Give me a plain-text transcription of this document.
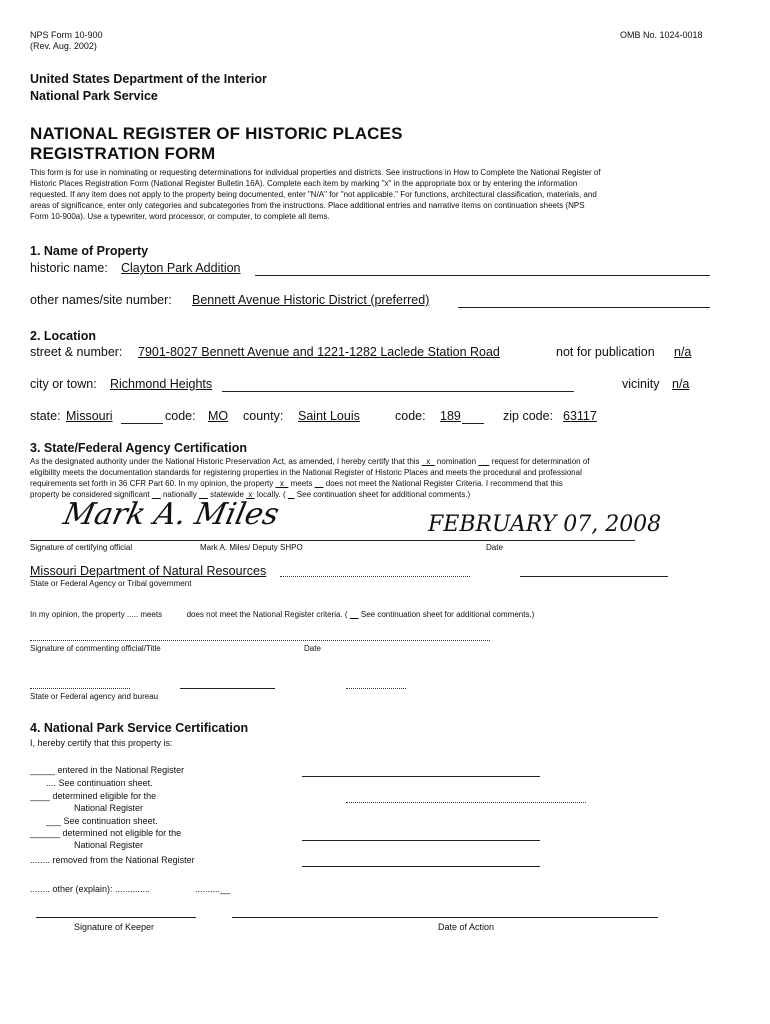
NPS Form 10-900
(Rev. Aug. 2002)
OMB No. 1024-0018
United States Department of the Interior
National Park Service
NATIONAL REGISTER OF HISTORIC PLACES
REGISTRATION FORM
This form is for use in nominating or requesting determinations for individual properties and districts. See instructions in How to Complete the National Register of
Historic Places Registration Form (National Register Bulletin 16A). Complete each item by marking "x" in the appropriate box or by entering the information
requested. If any item does not apply to the property being documented, enter "N/A" for "not applicable." For functions, architectural classification, materials, and
areas of significance, enter only categories and subcategories from the instructions. Place additional entries and narrative items on continuation sheets (NPS
Form 10-900a). Use a typewriter, word processor, or computer, to complete all items.
1. Name of Property
historic name: Clayton Park Addition
other names/site number: Bennett Avenue Historic District (preferred)
2. Location
street & number: 7901-8027 Bennett Avenue and 1221-1282 Laclede Station Road	not for publication n/a
city or town: Richmond Heights	vicinity n/a
state: Missouri	code: MO county: Saint Louis	code: 189	zip code: 63117
3. State/Federal Agency Certification
As the designated authority under the National Historic Preservation Act, as amended, I hereby certify that this x nomination request for determination of
eligibility meets the documentation standards for registering properties in the National Register of Historic Places and meets the procedural and professional
requirements set forth in 36 CFR Part 60. In my opinion, the property x meets does not meet the National Register Criteria. I recommend that this
property be considered significant nationally statewide x locally. ( See continuation sheet for additional comments.)
Mark A. Miles	FEBRUARY 07, 2008
Signature of certifying official	Mark A. Miles/ Deputy SHPO	Date
Missouri Department of Natural Resources
State or Federal Agency or Tribal government
In my opinion, the property ..... meets	does not meet the National Register criteria. ( See continuation sheet for additional comments.)
Signature of commenting official/Title	Date
State or Federal agency and bureau
4. National Park Service Certification
I, hereby certify that this property is:
_____ entered in the National Register
.... See continuation sheet.
____ determined eligible for the
National Register
___ See continuation sheet.
______ determined not eligible for the
National Register
........ removed from the National Register
........ other (explain): ..............	..........__
Signature of Keeper	Date of Action
